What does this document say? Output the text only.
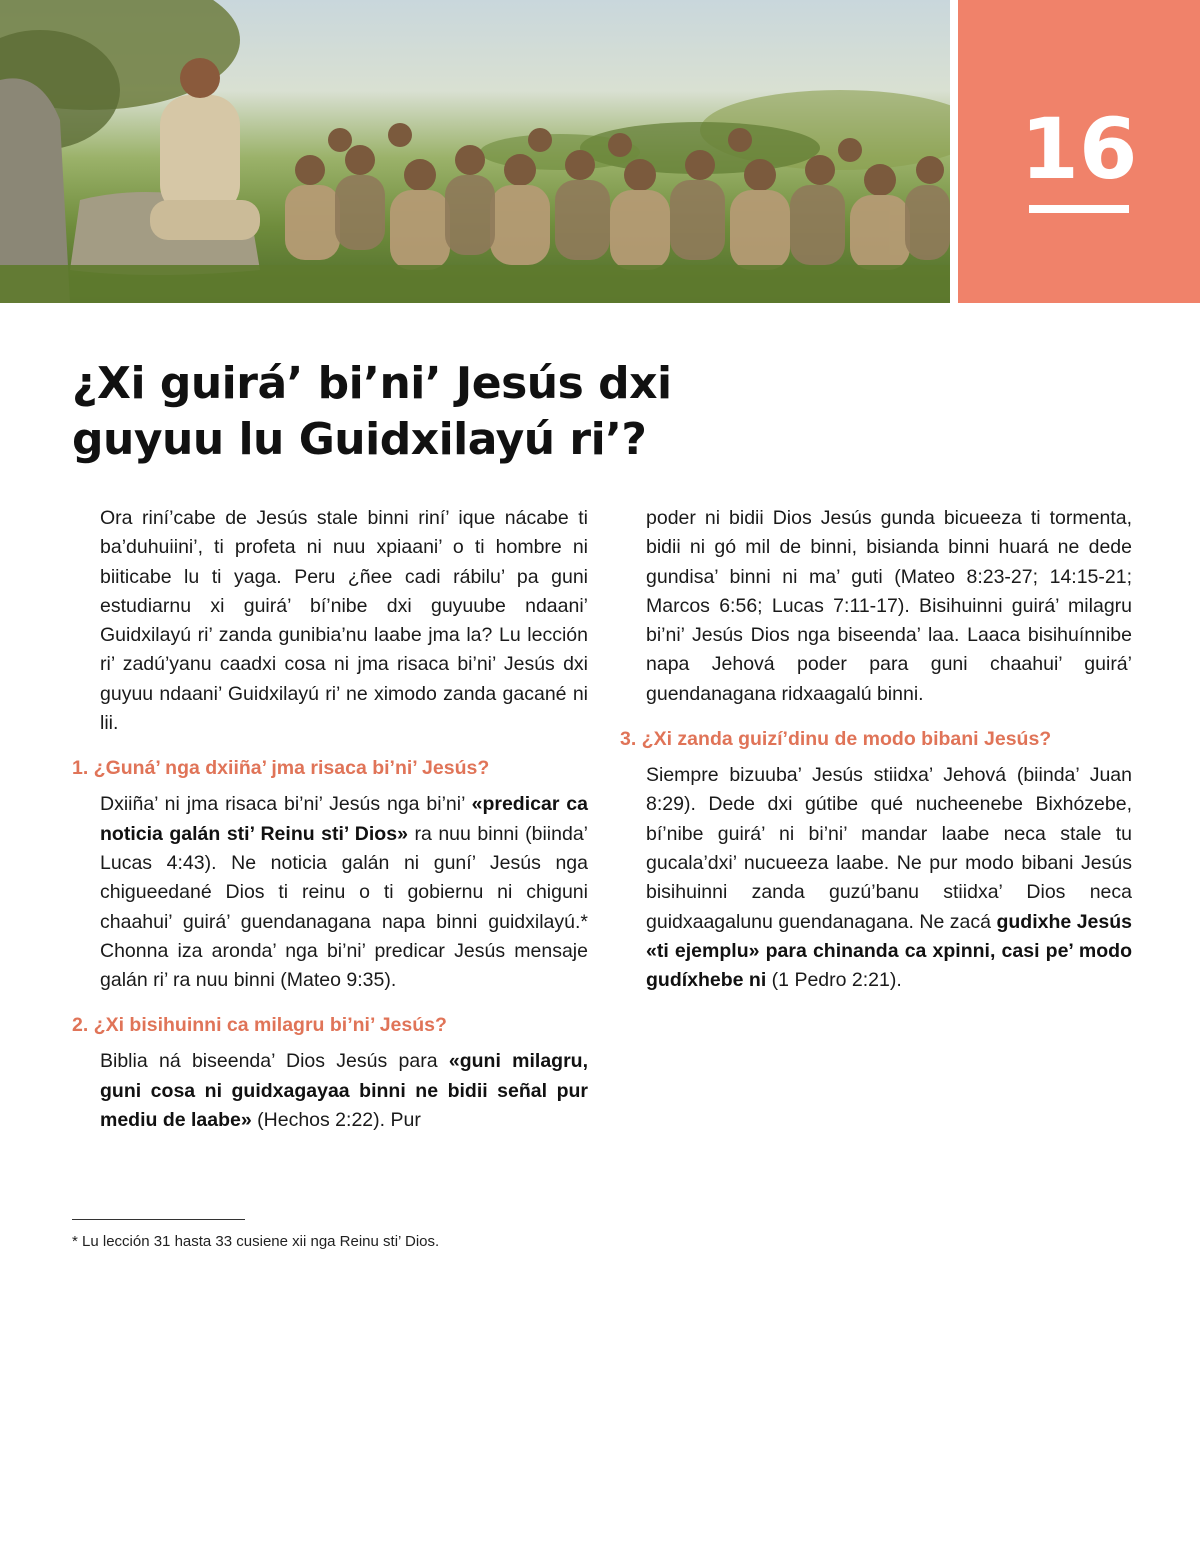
16
¿Xi guirá’ bi’ni’ Jesús dxi guyuu lu Guidxilayú ri’?

Ora riní’cabe de Jesús stale binni riní’ ique nácabe ti ba’duhuiini’, ti profeta ni nuu xpiaani’ o ti hombre ni biiticabe lu ti yaga. Peru ¿ñee cadi rábilu’ pa guni estudiarnu xi guirá’ bí’nibe dxi guyuube ndaani’ Guidxilayú ri’ zanda gunibia’nu laabe jma la? Lu lección ri’ zadú’yanu caadxi cosa ni jma risaca bi’ni’ Jesús dxi guyuu ndaani’ Guidxilayú ri’ ne ximodo zanda gacané ni lii.

1. ¿Guná’ nga dxiiña’ jma risaca bi’ni’ Jesús?

Dxiiña’ ni jma risaca bi’ni’ Jesús nga bi’ni’ «predicar ca noticia galán sti’ Reinu sti’ Dios» ra nuu binni (biinda’ Lucas 4:43). Ne noticia galán ni guní’ Jesús nga chigueedané Dios ti reinu o ti gobiernu ni chiguni chaahui’ guirá’ guendanagana napa binni guidxilayú.* Chonna iza aronda’ nga bi’ni’ predicar Jesús mensaje galán ri’ ra nuu binni (Mateo 9:35).

2. ¿Xi bisihuinni ca milagru bi’ni’ Jesús?

Biblia ná biseenda’ Dios Jesús para «guni milagru, guni cosa ni guidxagayaa binni ne bidii señal pur mediu de laabe» (Hechos 2:22). Pur

poder ni bidii Dios Jesús gunda bicueeza ti tormenta, bidii ni gó mil de binni, bisianda binni huará ne dede gundisa’ binni ni ma’ guti (Mateo 8:23-27; 14:15-21; Marcos 6:56; Lucas 7:11-17). Bisihuinni guirá’ milagru bi’ni’ Jesús Dios nga biseenda’ laa. Laaca bisihuínnibe napa Jehová poder para guni chaahui’ guirá’ guendanagana ridxaagalú binni.

3. ¿Xi zanda guizí’dinu de modo bibani Jesús?

Siempre bizuuba’ Jesús stiidxa’ Jehová (biinda’ Juan 8:29). Dede dxi gútibe qué nucheenebe Bixhózebe, bí’nibe guirá’ ni bi’ni’ mandar laabe neca stale tu gucala’dxi’ nucueeza laabe. Ne pur modo bibani Jesús bisihuinni zanda guzú’banu stiidxa’ Dios neca guidxaagalunu guendanagana. Ne zacá gudixhe Jesús «ti ejemplu» para chinanda ca xpinni, casi pe’ modo gudíxhebe ni (1 Pedro 2:21).

* Lu lección 31 hasta 33 cusiene xii nga Reinu sti’ Dios.
